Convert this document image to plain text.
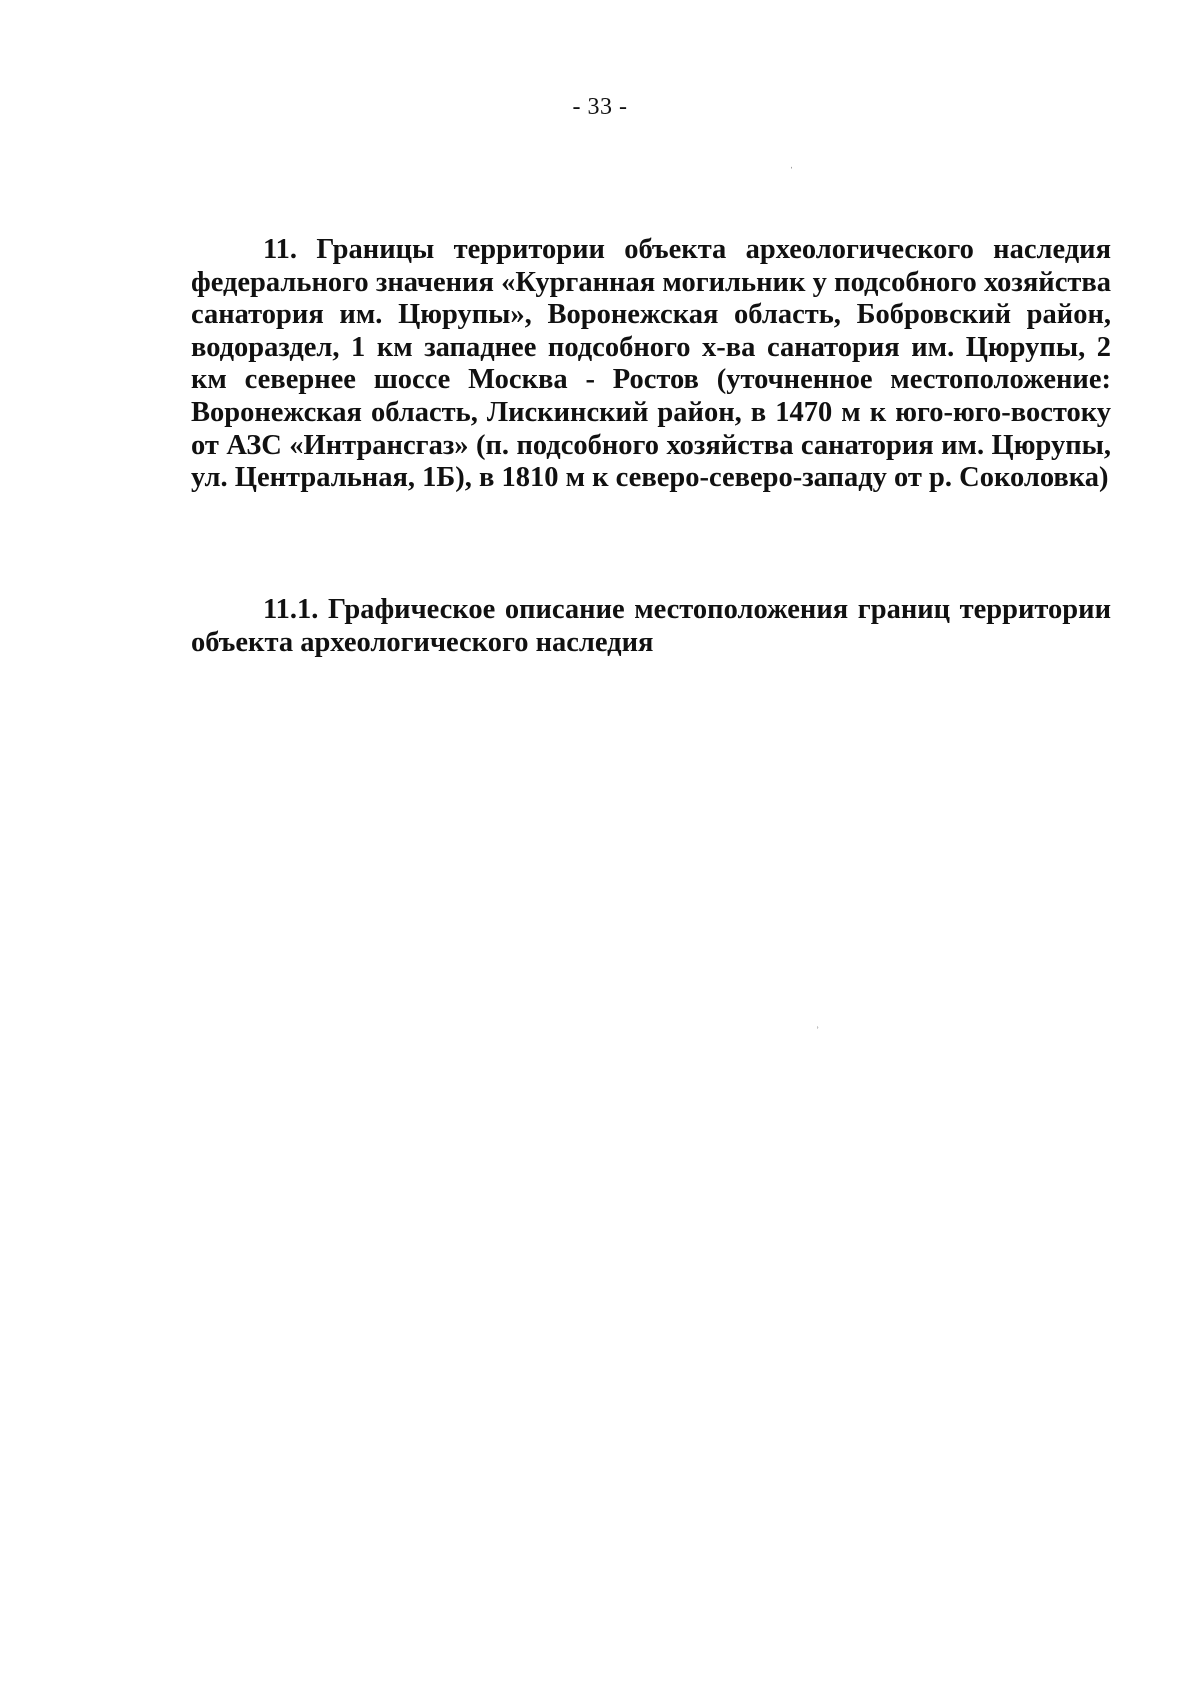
- 33 -
ˈ

11. Границы территории объекта археологического наследия федерального значения «Курганная могильник у подсобного хозяйства санатория им. Цюрупы», Воронежская область, Бобровский район, водораздел, 1 км западнее подсобного х-ва санатория им. Цюрупы, 2 км севернее шоссе Москва - Ростов (уточненное местоположение: Воронежская область, Лискинский район, в 1470 м к юго-юго-востоку от АЗС «Интрансгаз» (п. подсобного хозяйства санатория им. Цюрупы, ул. Центральная, 1Б), в 1810 м к северо-северо-западу от р. Соколовка)

11.1. Графическое описание местоположения границ территории объекта археологического наследия

ʾ
